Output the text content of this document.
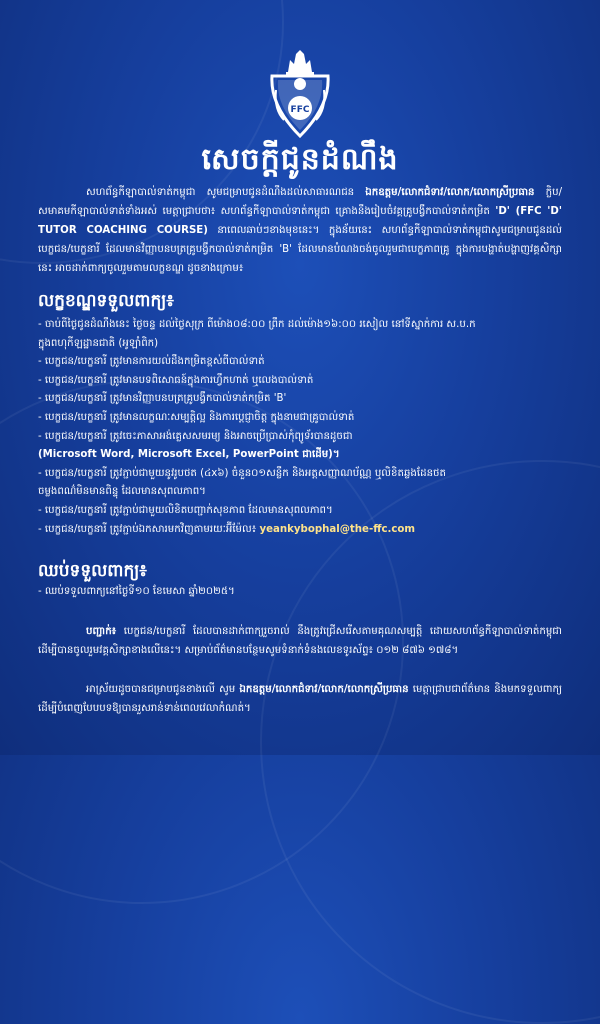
FFC
សេចក្ដីជូនដំណឹង
សហព័ន្ធកីឡាបាល់ទាត់កម្ពុជា សូមជម្រាបជូនដំណឹងដល់សាធារណជន ឯកឧត្តម/លោកជំទាវ/លោក/លោកស្រីប្រធាន ក្លិប/សមាគមកីឡាបាល់ទាត់ទាំងអស់ មេត្តាជ្រាបថា៖ សហព័ន្ធកីឡាបាល់ទាត់កម្ពុជា គ្រោងនឹងរៀបចំវគ្គគ្រូបង្វឹកបាល់ទាត់កម្រិត 'D' (FFC 'D' TUTOR COACHING COURSE) នាពេលឆាប់ៗខាងមុខនេះ។ ក្នុងន័យនេះ សហព័ន្ធកីឡាបាល់ទាត់កម្ពុជាសូមជម្រាបជូនដល់បេក្ខជន/បេក្ខនារី ដែលមានវិញ្ញាបនបត្រគ្រូបង្វឹកបាល់ទាត់កម្រិត 'B' ដែលមានបំណងចង់ចូលរួមជាបេក្ខភាពគ្រូ ក្នុងការបង្ហាត់បង្ហាញវគ្គសិក្សានេះ អាចដាក់ពាក្យចូលរួមតាមលក្ខខណ្ឌ ដូចខាងក្រោម៖
លក្ខខណ្ឌទទួលពាក្យ៖
- ចាប់ពីថ្ងៃជូនដំណឹងនេះ ថ្ងៃចន្ទ ដល់ថ្ងៃសុក្រ ពីម៉ោង០៨:០០ ព្រឹក ដល់ម៉ោង១៦:០០ រសៀល នៅទីស្នាក់ការ ស.ប.ក
ក្នុងពហុកីឡដ្ឋានជាតិ (អូឡាំពិក)
- បេក្ខជន/បេក្ខនារី ត្រូវមានការយល់ដឹងកម្រិតខ្ពស់ពីបាល់ទាត់
- បេក្ខជន/បេក្ខនារី ត្រូវមានបទពិសោធន៍ក្នុងការហ្វឹកហាត់ ឬលេងបាល់ទាត់
- បេក្ខជន/បេក្ខនារី ត្រូវមានវិញ្ញាបនបត្រគ្រូបង្វឹកបាល់ទាត់កម្រិត 'B'
- បេក្ខជន/បេក្ខនារី ត្រូវមានលក្ខណៈសម្បត្តិល្អ និងការប្តេជ្ញាចិត្ត ក្នុងនាមជាគ្រូបាល់ទាត់
- បេក្ខជន/បេក្ខនារី ត្រូវចេះភាសាអង់គ្លេសសមរម្យ និងអាចប្រើប្រាស់កុំព្យូទ័របានដូចជា
(Microsoft Word, Microsoft Excel, PowerPoint ជាដើម)។
- បេក្ខជន/បេក្ខនារី ត្រូវភ្ជាប់ជាមួយនូវរូបថត (៤x៦) ចំនួន០១សន្លឹក និងអត្តសញ្ញាណប័ណ្ណ ឬលិខិតឆ្លងដែនថត
ចម្លងពណ៌មិនមានពិន្ទុ ដែលមានសុពលភាព។
- បេក្ខជន/បេក្ខនារី ត្រូវភ្ជាប់ជាមួយលិខិតបញ្ជាក់សុខភាព ដែលមានសុពលភាព។
- បេក្ខជន/បេក្ខនារី ត្រូវភ្ជាប់ឯកសារមកវិញតាមរយៈអ៊ីម៉ែល៖ yeankybophal@the-ffc.com
ឈប់ទទួលពាក្យ៖
- ឈប់ទទួលពាក្យនៅថ្ងៃទី១០ ខែមេសា ឆ្នាំ២០២៥។
បញ្ជាក់៖ បេក្ខជន/បេក្ខនារី ដែលបានដាក់ពាក្យរួចរាល់ នឹងត្រូវជ្រើសរើសតាមគុណសម្បត្តិ ដោយសហព័ន្ធកីឡាបាល់ទាត់កម្ពុជា ដើម្បីបានចូលរួមវគ្គសិក្សាខាងលើនេះ។ សម្រាប់ព័ត៌មានបន្ថែមសូមទំនាក់ទំនងលេខទូរស័ព្ទ៖ ០១២ ៨៧៦ ១៧៨។
អាស្រ័យដូចបានជម្រាបជូនខាងលើ សូម ឯកឧត្តម/លោកជំទាវ/លោក/លោកស្រីប្រធាន មេត្តាជ្រាបជាព័ត៌មាន និងមកទទួលពាក្យដើម្បីបំពេញបែបបទឱ្យបានរួសរាន់ទាន់ពេលវេលាកំណត់។
